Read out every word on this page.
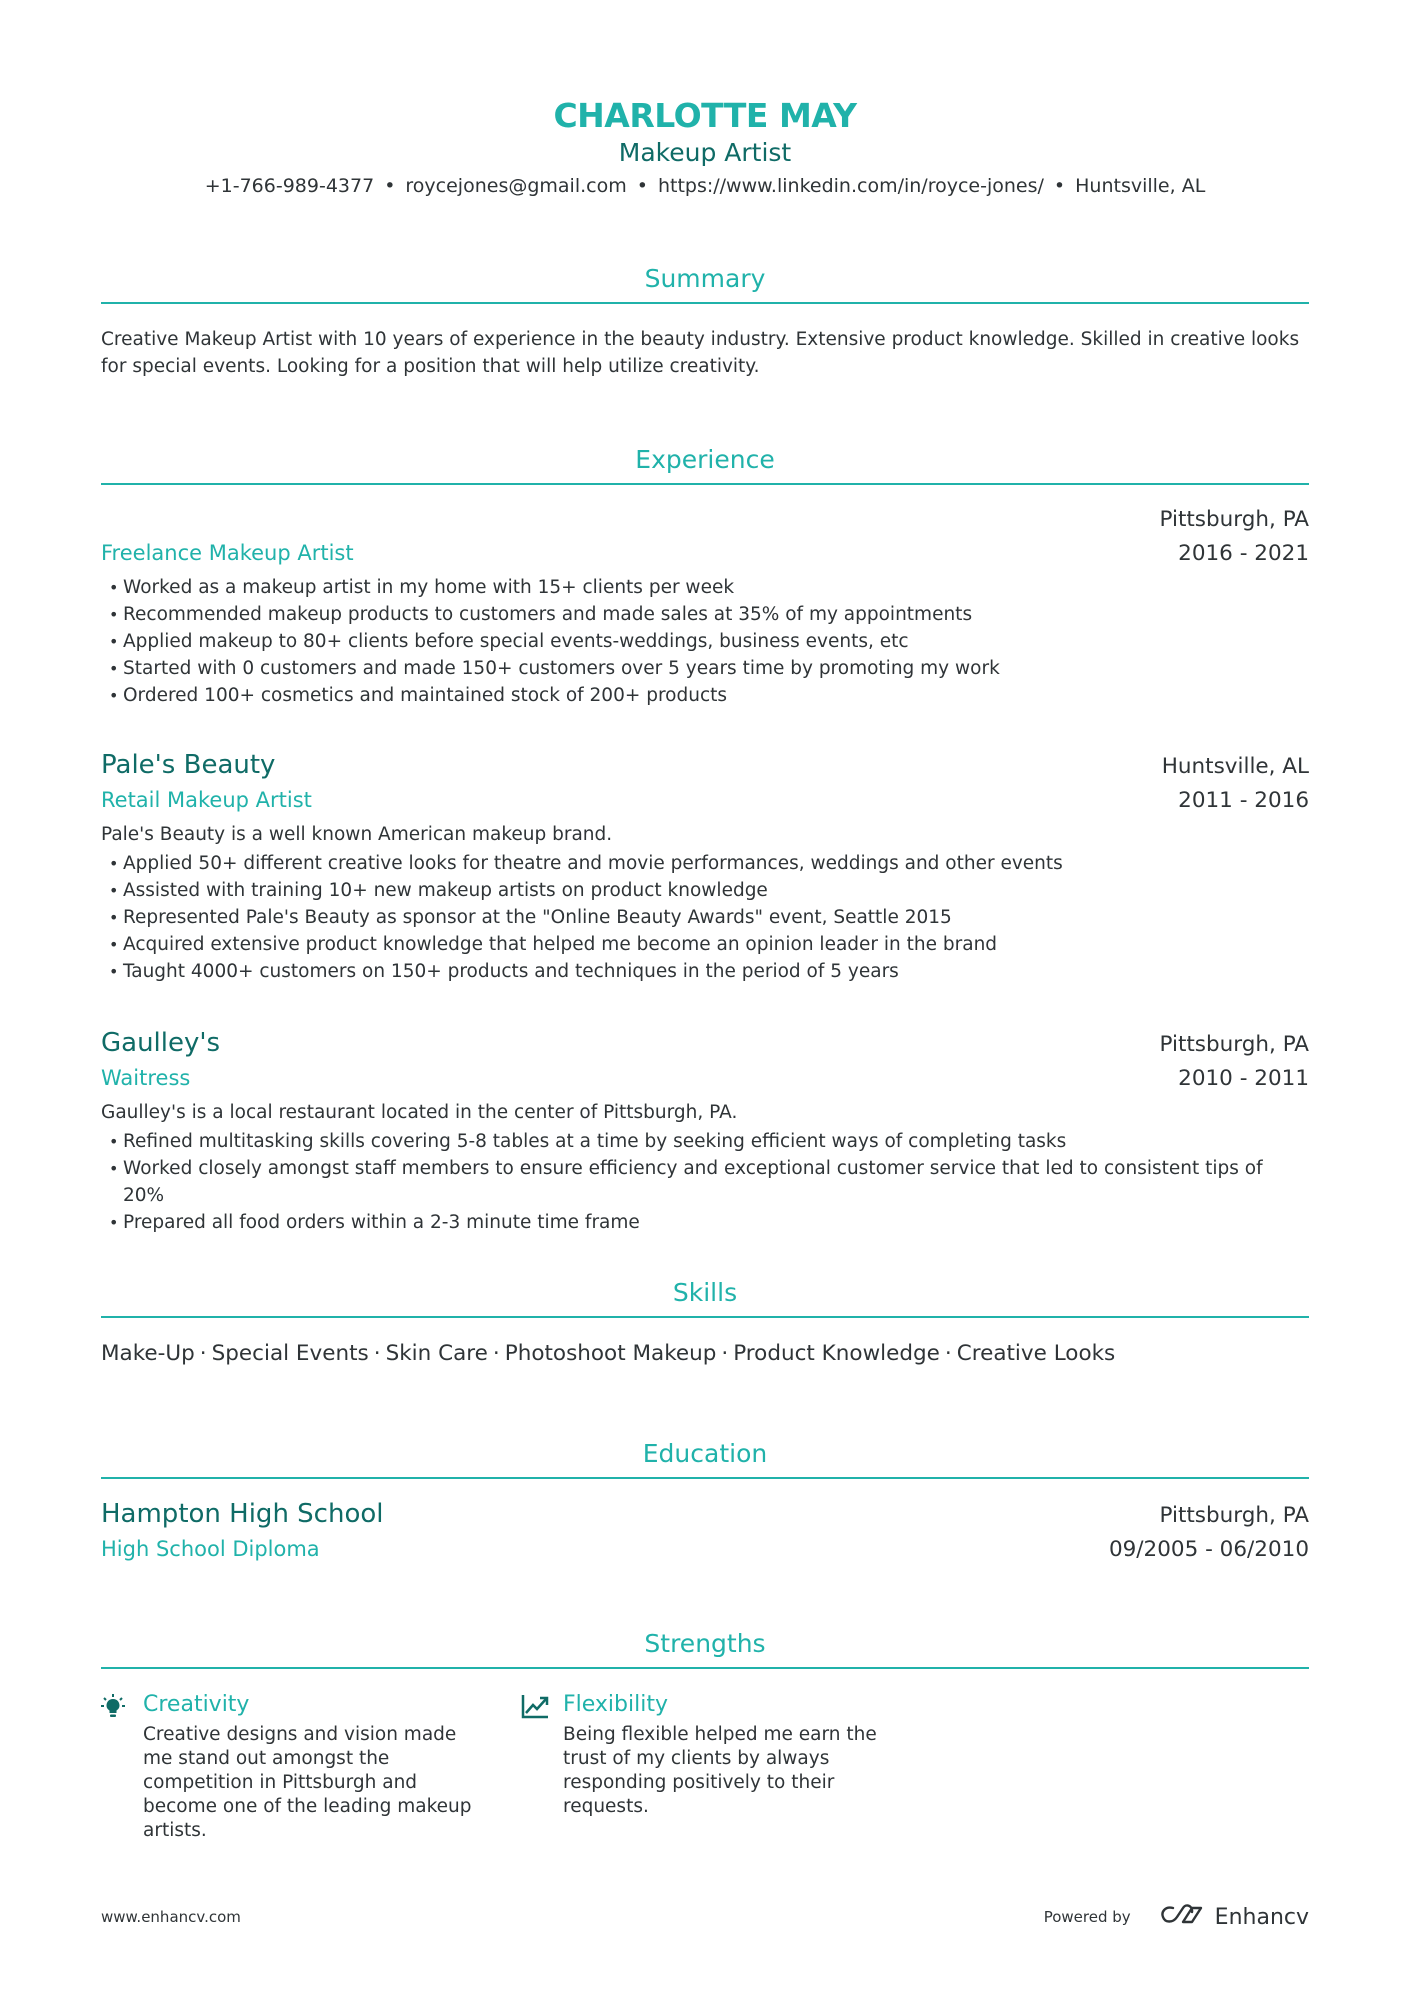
CHARLOTTE MAY
Makeup Artist
+1-766-989-4377 • roycejones@gmail.com • https://www.linkedin.com/in/royce-jones/ • Huntsville, AL
Summary
Creative Makeup Artist with 10 years of experience in the beauty industry. Extensive product knowledge. Skilled in creative looks for special events. Looking for a position that will help utilize creativity.
Experience
Pittsburgh, PA
Freelance Makeup Artist	2016 - 2021
• Worked as a makeup artist in my home with 15+ clients per week
• Recommended makeup products to customers and made sales at 35% of my appointments
• Applied makeup to 80+ clients before special events-weddings, business events, etc
• Started with 0 customers and made 150+ customers over 5 years time by promoting my work
• Ordered 100+ cosmetics and maintained stock of 200+ products
Pale's Beauty	Huntsville, AL
Retail Makeup Artist	2011 - 2016
Pale's Beauty is a well known American makeup brand.
• Applied 50+ different creative looks for theatre and movie performances, weddings and other events
• Assisted with training 10+ new makeup artists on product knowledge
• Represented Pale's Beauty as sponsor at the "Online Beauty Awards" event, Seattle 2015
• Acquired extensive product knowledge that helped me become an opinion leader in the brand
• Taught 4000+ customers on 150+ products and techniques in the period of 5 years
Gaulley's	Pittsburgh, PA
Waitress	2010 - 2011
Gaulley's is a local restaurant located in the center of Pittsburgh, PA.
• Refined multitasking skills covering 5-8 tables at a time by seeking efficient ways of completing tasks
• Worked closely amongst staff members to ensure efficiency and exceptional customer service that led to consistent tips of 20%
• Prepared all food orders within a 2-3 minute time frame
Skills
Make-Up · Special Events · Skin Care · Photoshoot Makeup · Product Knowledge · Creative Looks
Education
Hampton High School	Pittsburgh, PA
High School Diploma	09/2005 - 06/2010
Strengths
Creativity
Creative designs and vision made me stand out amongst the competition in Pittsburgh and become one of the leading makeup artists.
Flexibility
Being flexible helped me earn the trust of my clients by always responding positively to their requests.
www.enhancv.com	Powered by	Enhancv
